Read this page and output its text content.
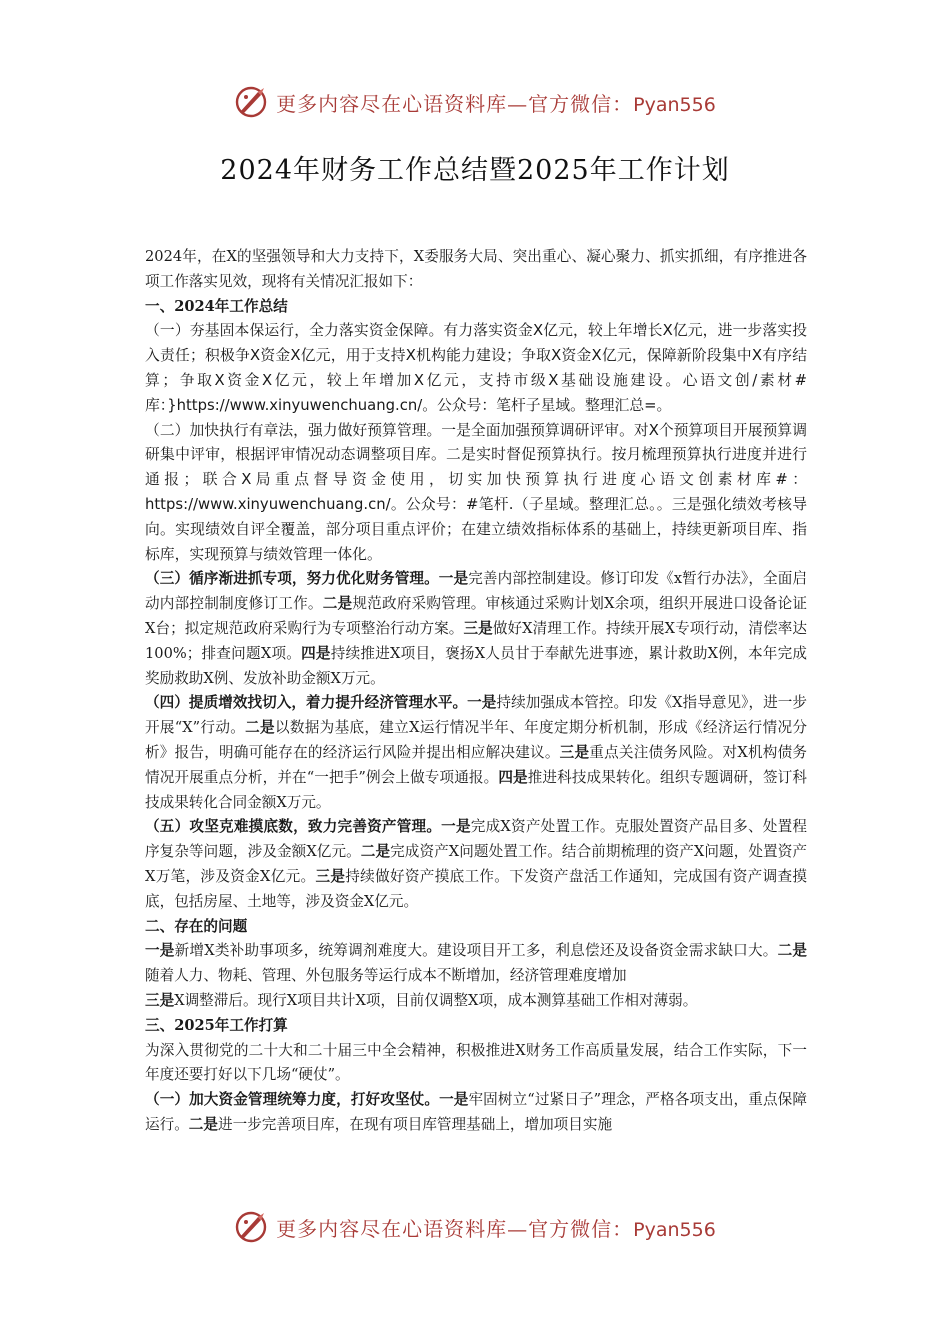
更多内容尽在心语资料库—官方微信：Pyan556
2024年财务工作总结暨2025年工作计划

2024年，在X的坚强领导和大力支持下，X委服务大局、突出重心、凝心聚力、抓实抓细，有序推进各项工作落实见效，现将有关情况汇报如下：

一、2024年工作总结

（一）夯基固本保运行，全力落实资金保障。有力落实资金X亿元，较上年增长X亿元，进一步落实投入责任；积极争X资金X亿元，用于支持X机构能力建设；争取X资金X亿元，保障新阶段集中X有序结算；争取X资金X亿元，较上年增加X亿元，支持市级X基础设施建设。心语文创/素材#库：}https://www.xinyuwenchuang.cn/。公众号：笔杆子星域。整理汇总=。

（二）加快执行有章法，强力做好预算管理。一是全面加强预算调研评审。对X个预算项目开展预算调研集中评审，根据评审情况动态调整项目库。二是实时督促预算执行。按月梳理预算执行进度并进行通报；联合X局重点督导资金使用，切实加快预算执行进度心语文创素材库#：https://www.xinyuwenchuang.cn/。公众号：#笔杆.（子星域。整理汇总。。三是强化绩效考核导向。实现绩效自评全覆盖，部分项目重点评价；在建立绩效指标体系的基础上，持续更新项目库、指标库，实现预算与绩效管理一体化。

（三）循序渐进抓专项，努力优化财务管理。一是完善内部控制建设。修订印发《x暂行办法》，全面启动内部控制制度修订工作。二是规范政府采购管理。审核通过采购计划X余项，组织开展进口设备论证X台；拟定规范政府采购行为专项整治行动方案。三是做好X清理工作。持续开展X专项行动，清偿率达100%；排查问题X项。四是持续推进X项目，褒扬X人员甘于奉献先进事迹，累计救助X例，本年完成奖励救助X例、发放补助金额X万元。

（四）提质增效找切入，着力提升经济管理水平。一是持续加强成本管控。印发《X指导意见》，进一步开展“X”行动。二是以数据为基底，建立X运行情况半年、年度定期分析机制，形成《经济运行情况分析》报告，明确可能存在的经济运行风险并提出相应解决建议。三是重点关注债务风险。对X机构债务情况开展重点分析，并在“一把手”例会上做专项通报。四是推进科技成果转化。组织专题调研，签订科技成果转化合同金额X万元。

（五）攻坚克难摸底数，致力完善资产管理。一是完成X资产处置工作。克服处置资产品目多、处置程序复杂等问题，涉及金额X亿元。二是完成资产X问题处置工作。结合前期梳理的资产X问题，处置资产X万笔，涉及资金X亿元。三是持续做好资产摸底工作。下发资产盘活工作通知，完成国有资产调查摸底，包括房屋、土地等，涉及资金X亿元。

二、存在的问题

一是新增X类补助事项多，统筹调剂难度大。建设项目开工多，利息偿还及设备资金需求缺口大。二是随着人力、物耗、管理、外包服务等运行成本不断增加，经济管理难度增加
三是X调整滞后。现行X项目共计X项，目前仅调整X项，成本测算基础工作相对薄弱。

三、2025年工作打算

为深入贯彻党的二十大和二十届三中全会精神，积极推进X财务工作高质量发展，结合工作实际，下一年度还要打好以下几场“硬仗”。

（一）加大资金管理统筹力度，打好攻坚仗。一是牢固树立“过紧日子”理念，严格各项支出，重点保障运行。二是进一步完善项目库，在现有项目库管理基础上，增加项目实施

更多内容尽在心语资料库—官方微信：Pyan556
